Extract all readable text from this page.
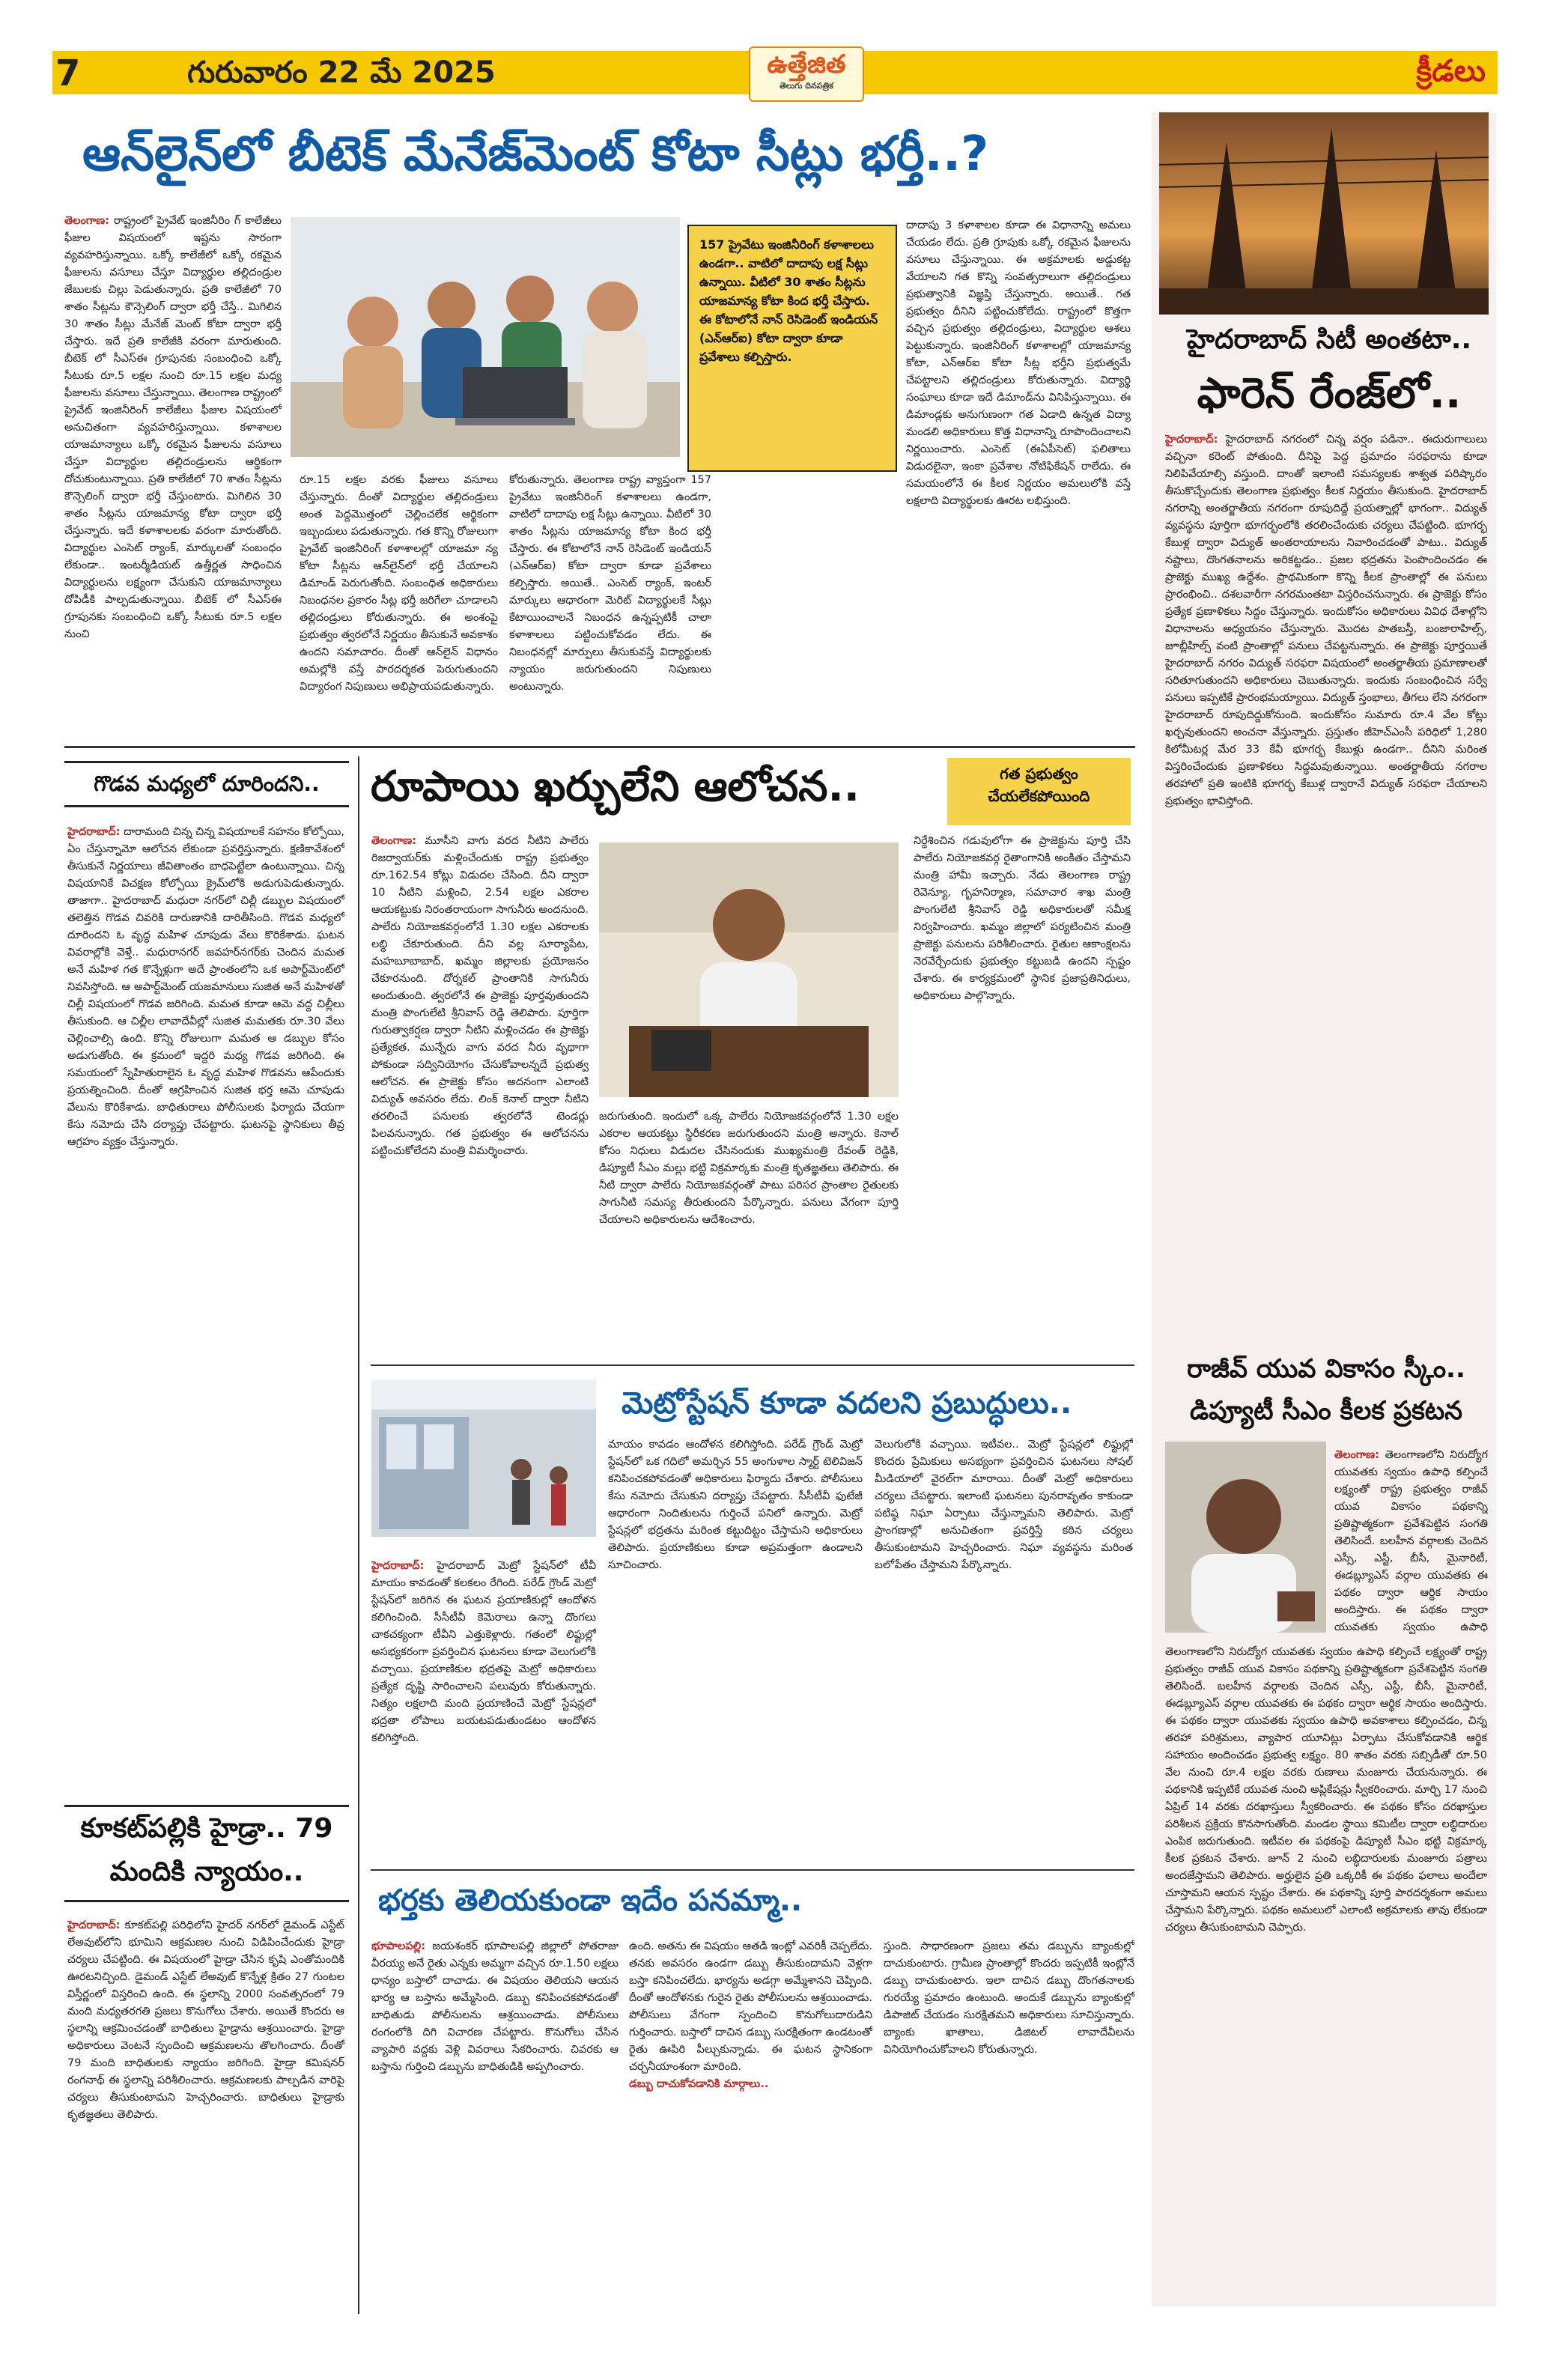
7	గురువారం 22 మే 2025	ఉత్తేజిత
తెలుగు దినపత్రిక	క్రీడలు
ఆన్‌లైన్‌లో బీటెక్ మేనేజ్‌మెంట్ కోటా సీట్లు భర్తీ..?
తెలంగాణ: రాష్ట్రంలో ప్రైవేట్ ఇంజినీరిం గ్ కాలేజీలు ఫీజుల విషయంలో ఇష్టను సారంగా వ్యవహరిస్తున్నాయి. ఒక్కో కాలేజీలో ఒక్కో రకమైన ఫీజులను వసూలు చేస్తూ విద్యార్థుల తల్లిదండ్రుల జేబులకు చిల్లు పెడుతున్నారు. ప్రతి కాలేజీలో 70 శాతం సీట్లను కౌన్సెలింగ్ ద్వారా భర్తీ చేస్తే.. మిగిలిన 30 శాతం సీట్లు మేనేజ్ మెంట్ కోటా ద్వారా భర్తీ చేస్తారు. ఇదే ప్రతి కాలేజీకి వరంగా మారుతుంది. బీటెక్ లో సీఎస్ఈ గ్రూపునకు సంబంధించి ఒక్కో సీటుకు రూ.5 లక్షల నుంచి రూ.15 లక్షల మధ్య ఫీజులను వసూలు చేస్తున్నాయి. తెలంగాణ రాష్ట్రంలో ప్రైవేట్ ఇంజినీరింగ్ కాలేజీలు ఫీజుల విషయంలో అనుచితంగా వ్యవహరిస్తున్నాయి. కళాశాలల యాజమాన్యాలు ఒక్కో రకమైన ఫీజులను వసూలు చేస్తూ విద్యార్థుల తల్లిదండ్రులను ఆర్థికంగా దోచుకుంటున్నాయి. ప్రతి కాలేజీలో 70 శాతం సీట్లను కౌన్సెలింగ్ ద్వారా భర్తీ చేస్తుంటారు. మిగిలిన 30 శాతం సీట్లను యాజమాన్య కోటా ద్వారా భర్తీ చేస్తున్నారు. ఇదే కళాశాలలకు వరంగా మారుతోంది. విద్యార్థుల ఎంసెట్ ర్యాంక్, మార్కులతో సంబంధం లేకుండా.. ఇంటర్మీడియట్ ఉత్తీర్ణత సాధించిన విద్యార్థులను లక్ష్యంగా చేసుకుని యాజమాన్యాలు దోపిడీకి పాల్పడుతున్నాయి. బీటెక్ లో సీఎస్ఈ గ్రూపునకు సంబంధించి ఒక్కో సీటుకు రూ.5 లక్షల నుంచి
157 ప్రైవేటు ఇంజినీరింగ్ కళాశాలలు ఉండగా.. వాటిలో దాదాపు లక్ష సీట్లు ఉన్నాయి. వీటిలో 30 శాతం సీట్లను యాజమాన్య కోటా కింద భర్తీ చేస్తారు. ఈ కోటాలోనే నాన్ రెసిడెంట్ ఇండియన్ (ఎన్ఆర్ఐ) కోటా ద్వారా కూడా ప్రవేశాలు కల్పిస్తారు.
రూ.15 లక్షల వరకు ఫీజులు వసూలు చేస్తున్నారు. దీంతో విద్యార్థుల తల్లిదండ్రులు అంత పెద్దమొత్తంలో చెల్లించలేక ఆర్థికంగా ఇబ్బందులు పడుతున్నారు. గత కొన్ని రోజులుగా ప్రైవేట్ ఇంజినీరింగ్ కళాశాలల్లో యాజమా న్య కోటా సీట్లను ఆన్‌లైన్‌లో భర్తీ చేయాలని డిమాండ్ పెరుగుతోంది. సంబంధిత అధికారులు నిబంధనల ప్రకారం సీట్ల భర్తీ జరిగేలా చూడాలని తల్లిదండ్రులు కోరుతున్నారు. ఈ అంశంపై ప్రభుత్వం త్వరలోనే నిర్ణయం తీసుకునే అవకాశం ఉందని సమాచారం. దీంతో ఆన్‌లైన్ విధానం అమల్లోకి వస్తే పారదర్శకత పెరుగుతుందని విద్యారంగ నిపుణులు అభిప్రాయపడుతున్నారు.
కోరుతున్నారు. తెలంగాణ రాష్ట్ర వ్యాప్తంగా 157 ప్రైవేటు ఇంజినీరింగ్ కళాశాలలు ఉండగా, వాటిలో దాదాపు లక్ష సీట్లు ఉన్నాయి. వీటిలో 30 శాతం సీట్లను యాజమాన్య కోటా కింద భర్తీ చేస్తారు. ఈ కోటాలోనే నాన్ రెసిడెంట్ ఇండియన్ (ఎన్ఆర్ఐ) కోటా ద్వారా కూడా ప్రవేశాలు కల్పిస్తారు. అయితే.. ఎంసెట్ ర్యాంక్, ఇంటర్ మార్కులు ఆధారంగా మెరిట్ విద్యార్థులకే సీట్లు కేటాయించాలనే నిబంధన ఉన్నప్పటికీ చాలా కళాశాలలు పట్టించుకోవడం లేదు. ఈ నిబంధనల్లో మార్పులు తీసుకువస్తే విద్యార్థులకు న్యాయం జరుగుతుందని నిపుణులు అంటున్నారు.
దాదాపు 3 కళాశాలల కూడా ఈ విధానాన్ని అమలు చేయడం లేదు. ప్రతి గ్రూపుకు ఒక్కో రకమైన ఫీజులను వసూలు చేస్తున్నాయి. ఈ అక్రమాలకు అడ్డుకట్ట వేయాలని గత కొన్ని సంవత్సరాలుగా తల్లిదండ్రులు ప్రభుత్వానికి విజ్ఞప్తి చేస్తున్నారు. అయితే.. గత ప్రభుత్వం దీనిని పట్టించుకోలేదు. రాష్ట్రంలో కొత్తగా వచ్చిన ప్రభుత్వం తల్లిదండ్రులు, విద్యార్థుల ఆశలు పెట్టుకున్నారు. ఇంజినీరింగ్ కళాశాలల్లో యాజమాన్య కోటా, ఎన్ఆర్ఐ కోటా సీట్ల భర్తీని ప్రభుత్వమే చేపట్టాలని తల్లిదండ్రులు కోరుతున్నారు. విద్యార్థి సంఘాలు కూడా ఇదే డిమాండ్‌ను వినిపిస్తున్నాయి. ఈ డిమాండ్లకు అనుగుణంగా గత ఏడాది ఉన్నత విద్యా మండలి అధికారులు కొత్త విధానాన్ని రూపొందించాలని నిర్ణయించారు. ఎంసెట్ (ఈఏపీసెట్) ఫలితాలు విడుదలైనా, ఇంకా ప్రవేశాల నోటిఫికేషన్ రాలేదు. ఈ సమయంలోనే ఈ కీలక నిర్ణయం అమలులోకి వస్తే లక్షలాది విద్యార్థులకు ఊరట లభిస్తుంది.
గొడవ మధ్యలో దూరిందని..
హైదరాబాద్: దారామంది చిన్న చిన్న విషయాలకే సహనం కోల్పోయి, ఏం చేస్తున్నామో ఆలోచన లేకుండా ప్రవర్తిస్తున్నారు. క్షణికావేశంలో తీసుకునే నిర్ణయాలు జీవితాంతం బాధపెట్టేలా ఉంటున్నాయి. చిన్న విషయానికే విచక్షణ కోల్పోయి క్రైమ్‌లోకి అడుగుపెడుతున్నారు. తాజాగా.. హైదరాబాద్ మధురా నగర్‌లో చిల్లీ డబ్బుల విషయంలో తలెత్తిన గొడవ చివరికి దారుణానికి దారితీసింది. గొడవ మధ్యలో దూరిందని ఓ వృద్ధ మహిళ చూపుడు వేలు కొరికేశాడు. ఘటన వివరాల్లోకి వెళ్తే.. మధురానగర్ జవహర్‌నగర్‌కు చెందిన మమత అనే మహిళ గత కొన్నేళ్లుగా అదే ప్రాంతంలోని ఒక అపార్ట్‌మెంట్‌లో నివసిస్తోంది. ఆ అపార్ట్‌మెంట్ యజమానులు సుజిత అనే మహిళతో చిల్లీ విషయంలో గొడవ జరిగింది. మమత కూడా ఆమె వద్ద చిల్లీలు తీసుకుంది. ఆ చిల్లీల లావాదేవీల్లో సుజిత మమతకు రూ.30 వేలు చెల్లించాల్సి ఉంది. కొన్ని రోజులుగా మమత ఆ డబ్బుల కోసం అడుగుతోంది. ఈ క్రమంలో ఇద్దరి మధ్య గొడవ జరిగింది. ఈ సమయంలో స్నేహితురాలైన ఓ వృద్ధ మహిళ గొడవను ఆపేందుకు ప్రయత్నించింది. దీంతో ఆగ్రహించిన సుజిత భర్త ఆమె చూపుడు వేలును కొరికేశాడు. బాధితురాలు పోలీసులకు ఫిర్యాదు చేయగా కేసు నమోదు చేసి దర్యాప్తు చేపట్టారు. ఘటనపై స్థానికులు తీవ్ర ఆగ్రహం వ్యక్తం చేస్తున్నారు.
కూకట్‌పల్లికి హైడ్రా.. 79 మందికి న్యాయం..
హైదరాబాద్: కూకట్‌పల్లి పరిధిలోని హైదర్ నగర్‌లో డైమండ్ ఎస్టేట్ లేఅవుట్‌లోని భూమిని ఆక్రమణల నుంచి విడిపించేందుకు హైడ్రా చర్యలు చేపట్టింది. ఈ విషయంలో హైడ్రా చేసిన కృషి ఎంతోమందికి ఊరటనిచ్చింది. డైమండ్ ఎస్టేట్ లేఅవుట్ కొన్నేళ్ల క్రితం 27 గుంటల విస్తీర్ణంలో విస్తరించి ఉంది. ఈ స్థలాన్ని 2000 సంవత్సరంలో 79 మంది మధ్యతరగతి ప్రజలు కొనుగోలు చేశారు. అయితే కొందరు ఆ స్థలాన్ని ఆక్రమించడంతో బాధితులు హైడ్రాను ఆశ్రయించారు. హైడ్రా అధికారులు వెంటనే స్పందించి ఆక్రమణలను తొలగించారు. దీంతో 79 మంది బాధితులకు న్యాయం జరిగింది. హైడ్రా కమిషనర్ రంగనాథ్ ఈ స్థలాన్ని పరిశీలించారు. ఆక్రమణలకు పాల్పడిన వారిపై చర్యలు తీసుకుంటామని హెచ్చరించారు. బాధితులు హైడ్రాకు కృతజ్ఞతలు తెలిపారు.
రూపాయి ఖర్చులేని ఆలోచన..	గత ప్రభుత్వం చేయలేకపోయింది
తెలంగాణ: మూసీని వాగు వరద నీటిని పాలేరు రిజర్వాయర్‌కు మళ్లించేందుకు రాష్ట్ర ప్రభుత్వం రూ.162.54 కోట్లు విడుదల చేసింది. దీని ద్వారా 10 నీటిని మళ్లించి, 2.54 లక్షల ఎకరాల ఆయకట్టుకు నిరంతరాయంగా సాగునీరు అందనుంది. పాలేరు నియోజకవర్గంలోనే 1.30 లక్షల ఎకరాలకు లబ్ధి చేకూరుతుంది. దీని వల్ల సూర్యాపేట, మహబూబాబాద్, ఖమ్మం జిల్లాలకు ప్రయోజనం చేకూరనుంది. దోర్నకల్ ప్రాంతానికి సాగునీరు అందుతుంది. త్వరలోనే ఈ ప్రాజెక్టు పూర్తవుతుందని మంత్రి పొంగులేటి శ్రీనివాస్ రెడ్డి తెలిపారు. పూర్తిగా గురుత్వాకర్షణ ద్వారా నీటిని మళ్లించడం ఈ ప్రాజెక్టు ప్రత్యేకత. మున్నేరు వాగు వరద నీరు వృథాగా పోకుండా సద్వినియోగం చేసుకోవాలన్నదే ప్రభుత్వ ఆలోచన. ఈ ప్రాజెక్టు కోసం అదనంగా ఎలాంటి విద్యుత్ అవసరం లేదు. లింక్ కెనాల్ ద్వారా నీటిని తరలించే పనులకు త్వరలోనే టెండర్లు పిలవనున్నారు. గత ప్రభుత్వం ఈ ఆలోచనను పట్టించుకోలేదని మంత్రి విమర్శించారు.
నిర్దేశించిన గడువులోగా ఈ ప్రాజెక్టును పూర్తి చేసి పాలేరు నియోజకవర్గ రైతాంగానికి అంకితం చేస్తామని మంత్రి హామీ ఇచ్చారు. నేడు తెలంగాణ రాష్ట్ర రెవెన్యూ, గృహనిర్మాణ, సమాచార శాఖ మంత్రి పొంగులేటి శ్రీనివాస్ రెడ్డి అధికారులతో సమీక్ష నిర్వహించారు. ఖమ్మం జిల్లాలో పర్యటించిన మంత్రి ప్రాజెక్టు పనులను పరిశీలించారు. రైతుల ఆకాంక్షలను నెరవేర్చేందుకు ప్రభుత్వం కట్టుబడి ఉందని స్పష్టం చేశారు. ఈ కార్యక్రమంలో స్థానిక ప్రజాప్రతినిధులు, అధికారులు పాల్గొన్నారు.
జరుగుతుంది. ఇందులో ఒక్క పాలేరు నియోజకవర్గంలోనే 1.30 లక్షల ఎకరాల ఆయకట్టు స్థిరీకరణ జరుగుతుందని మంత్రి అన్నారు. కెనాల్ కోసం నిధులు విడుదల చేసినందుకు ముఖ్యమంత్రి రేవంత్ రెడ్డికి, డిప్యూటీ సీఎం మల్లు భట్టి విక్రమార్కకు మంత్రి కృతజ్ఞతలు తెలిపారు. ఈ నీటి ద్వారా పాలేరు నియోజకవర్గంతో పాటు పరిసర ప్రాంతాల రైతులకు సాగునీటి సమస్య తీరుతుందని పేర్కొన్నారు. పనులు వేగంగా పూర్తి చేయాలని అధికారులను ఆదేశించారు.
మెట్రోస్టేషన్ కూడా వదలని ప్రబుద్ధులు..
హైదరాబాద్: హైదరాబాద్ మెట్రో స్టేషన్‌లో టీవీ మాయం కావడంతో కలకలం రేగింది. పరేడ్ గ్రౌండ్ మెట్రో స్టేషన్‌లో జరిగిన ఈ ఘటన ప్రయాణికుల్లో ఆందోళన కలిగించింది. సీసీటీవీ కెమెరాలు ఉన్నా దొంగలు చాకచక్యంగా టీవీని ఎత్తుకెళ్లారు. గతంలో లిఫ్టుల్లో అసభ్యకరంగా ప్రవర్తించిన ఘటనలు కూడా వెలుగులోకి వచ్చాయి. ప్రయాణికుల భద్రతపై మెట్రో అధికారులు ప్రత్యేక దృష్టి సారించాలని పలువురు కోరుతున్నారు. నిత్యం లక్షలాది మంది ప్రయాణించే మెట్రో స్టేషన్లలో భద్రతా లోపాలు బయటపడుతుండటం ఆందోళన కలిగిస్తోంది.
మాయం కావడం ఆందోళన కలిగిస్తోంది. పరేడ్ గ్రౌండ్ మెట్రో స్టేషన్‌లో ఒక గదిలో అమర్చిన 55 అంగుళాల స్మార్ట్ టెలివిజన్ కనిపించకపోవడంతో అధికారులు ఫిర్యాదు చేశారు. పోలీసులు కేసు నమోదు చేసుకుని దర్యాప్తు చేపట్టారు. సీసీటీవీ ఫుటేజీ ఆధారంగా నిందితులను గుర్తించే పనిలో ఉన్నారు. మెట్రో స్టేషన్లలో భద్రతను మరింత కట్టుదిట్టం చేస్తామని అధికారులు తెలిపారు. ప్రయాణికులు కూడా అప్రమత్తంగా ఉండాలని సూచించారు.
వెలుగులోకి వచ్చాయి. ఇటీవల.. మెట్రో స్టేషన్లలో లిఫ్టుల్లో కొందరు ప్రేమికులు అసభ్యంగా ప్రవర్తించిన ఘటనలు సోషల్ మీడియాలో వైరల్‌గా మారాయి. దీంతో మెట్రో అధికారులు చర్యలు చేపట్టారు. ఇలాంటి ఘటనలు పునరావృతం కాకుండా పటిష్ఠ నిఘా ఏర్పాటు చేస్తున్నామని తెలిపారు. మెట్రో ప్రాంగణాల్లో అనుచితంగా ప్రవర్తిస్తే కఠిన చర్యలు తీసుకుంటామని హెచ్చరించారు. నిఘా వ్యవస్థను మరింత బలోపేతం చేస్తామని పేర్కొన్నారు.
భర్తకు తెలియకుండా ఇదేం పనమ్మా..
భూపాలపల్లి: జయశంకర్ భూపాలపల్లి జిల్లాలో పోతరాజు వీరయ్య అనే రైతు ఎన్నకు అమ్మగా వచ్చిన రూ.1.50 లక్షలు ధాన్యం బస్తాలో దాచాడు. ఈ విషయం తెలియని ఆయన భార్య ఆ బస్తాను అమ్మేసింది. డబ్బు కనిపించకపోవడంతో బాధితుడు పోలీసులను ఆశ్రయించాడు. పోలీసులు రంగంలోకి దిగి విచారణ చేపట్టారు. కొనుగోలు చేసిన వ్యాపారి వద్దకు వెళ్లి వివరాలు సేకరించారు. చివరకు ఆ బస్తాను గుర్తించి డబ్బును బాధితుడికి అప్పగించారు.
ఉంది. అతను ఈ విషయం ఆతడి ఇంట్లో ఎవరికీ చెప్పలేదు. తనకు అవసరం ఉండగా డబ్బు తీసుకుందామని వెళ్లగా బస్తా కనిపించలేదు. భార్యను అడగ్గా అమ్మేశానని చెప్పింది. దీంతో ఆందోళనకు గురైన రైతు పోలీసులను ఆశ్రయించాడు. పోలీసులు వేగంగా స్పందించి కొనుగోలుదారుడిని గుర్తించారు. బస్తాలో దాచిన డబ్బు సురక్షితంగా ఉండటంతో రైతు ఊపిరి పీల్చుకున్నాడు. ఈ ఘటన స్థానికంగా చర్చనీయాంశంగా మారింది.
డబ్బు దాచుకోవడానికి మార్గాలు..
స్తుంది. సాధారణంగా ప్రజలు తమ డబ్బును బ్యాంకుల్లో దాచుకుంటారు. గ్రామీణ ప్రాంతాల్లో కొందరు ఇప్పటికీ ఇంట్లోనే డబ్బు దాచుకుంటారు. ఇలా దాచిన డబ్బు దొంగతనాలకు గురయ్యే ప్రమాదం ఉంటుంది. అందుకే డబ్బును బ్యాంకుల్లో డిపాజిట్ చేయడం సురక్షితమని అధికారులు సూచిస్తున్నారు. బ్యాంకు ఖాతాలు, డిజిటల్ లావాదేవీలను వినియోగించుకోవాలని కోరుతున్నారు.
హైదరాబాద్ సిటీ అంతటా..
ఫారెన్ రేంజ్‌లో..
హైదరాబాద్: హైదరాబాద్ నగరంలో చిన్న వర్షం పడినా.. ఈదురుగాలులు వచ్చినా కరెంట్ పోతుంది. దీనిపై పెద్ద ప్రమాదం సరఫరాను కూడా నిలిపివేయాల్సి వస్తుంది. దాంతో ఇలాంటి సమస్యలకు శాశ్వత పరిష్కారం తీసుకొచ్చేందుకు తెలంగాణ ప్రభుత్వం కీలక నిర్ణయం తీసుకుంది. హైదరాబాద్ నగరాన్ని అంతర్జాతీయ నగరంగా రూపుదిద్దే ప్రయత్నాల్లో భాగంగా.. విద్యుత్ వ్యవస్థను పూర్తిగా భూగర్భంలోకి తరలించేందుకు చర్యలు చేపట్టింది. భూగర్భ కేబుళ్ల ద్వారా విద్యుత్ అంతరాయాలను నివారించడంతో పాటు.. విద్యుత్ నష్టాలు, దొంగతనాలను అరికట్టడం.. ప్రజల భద్రతను పెంపొందించడం ఈ ప్రాజెక్టు ముఖ్య ఉద్దేశం. ప్రాథమికంగా కొన్ని కీలక ప్రాంతాల్లో ఈ పనులు ప్రారంభించి.. దశలవారీగా నగరమంతటా విస్తరించనున్నారు. ఈ ప్రాజెక్టు కోసం ప్రత్యేక ప్రణాళికలు సిద్ధం చేస్తున్నారు. ఇందుకోసం అధికారులు వివిధ దేశాల్లోని విధానాలను అధ్యయనం చేస్తున్నారు. మొదట పాతబస్తీ, బంజారాహిల్స్, జూబ్లీహిల్స్ వంటి ప్రాంతాల్లో పనులు చేపట్టనున్నారు. ఈ ప్రాజెక్టు పూర్తయితే హైదరాబాద్ నగరం విద్యుత్ సరఫరా విషయంలో అంతర్జాతీయ ప్రమాణాలతో సరితూగుతుందని అధికారులు చెబుతున్నారు. ఇందుకు సంబంధించిన సర్వే పనులు ఇప్పటికే ప్రారంభమయ్యాయి. విద్యుత్ స్తంభాలు, తీగలు లేని నగరంగా హైదరాబాద్ రూపుదిద్దుకోనుంది. ఇందుకోసం సుమారు రూ.4 వేల కోట్లు ఖర్చవుతుందని అంచనా వేస్తున్నారు. ప్రస్తుతం జీహెచ్ఎంసీ పరిధిలో 1,280 కిలోమీటర్ల మేర 33 కేవీ భూగర్భ కేబుళ్లు ఉండగా.. దీనిని మరింత విస్తరించేందుకు ప్రణాళికలు సిద్ధమవుతున్నాయి. అంతర్జాతీయ నగరాల తరహాలో ప్రతి ఇంటికి భూగర్భ కేబుళ్ల ద్వారానే విద్యుత్ సరఫరా చేయాలని ప్రభుత్వం భావిస్తోంది.
రాజీవ్ యువ వికాసం స్కీం.. డిప్యూటీ సీఎం కీలక ప్రకటన
తెలంగాణ: తెలంగాణలోని నిరుద్యోగ యువతకు స్వయం ఉపాధి కల్పించే లక్ష్యంతో రాష్ట్ర ప్రభుత్వం రాజీవ్ యువ వికాసం పథకాన్ని ప్రతిష్టాత్మకంగా ప్రవేశపెట్టిన సంగతి తెలిసిందే. బలహీన వర్గాలకు చెందిన ఎస్సీ, ఎస్టీ, బీసీ, మైనారిటీ, ఈడబ్ల్యూఎస్ వర్గాల యువతకు ఈ పథకం ద్వారా ఆర్థిక సాయం అందిస్తారు. ఈ పథకం ద్వారా యువతకు స్వయం ఉపాధి
తెలంగాణలోని నిరుద్యోగ యువతకు స్వయం ఉపాధి కల్పించే లక్ష్యంతో రాష్ట్ర ప్రభుత్వం రాజీవ్ యువ వికాసం పథకాన్ని ప్రతిష్టాత్మకంగా ప్రవేశపెట్టిన సంగతి తెలిసిందే. బలహీన వర్గాలకు చెందిన ఎస్సీ, ఎస్టీ, బీసీ, మైనారిటీ, ఈడబ్ల్యూఎస్ వర్గాల యువతకు ఈ పథకం ద్వారా ఆర్థిక సాయం అందిస్తారు. ఈ పథకం ద్వారా యువతకు స్వయం ఉపాధి అవకాశాలు కల్పించడం, చిన్న తరహా పరిశ్రమలు, వ్యాపార యూనిట్లు ఏర్పాటు చేసుకోవడానికి ఆర్థిక సహాయం అందించడం ప్రభుత్వ లక్ష్యం. 80 శాతం వరకు సబ్సిడీతో రూ.50 వేల నుంచి రూ.4 లక్షల వరకు రుణాలు మంజూరు చేయనున్నారు. ఈ పథకానికి ఇప్పటికే యువత నుంచి అప్లికేషన్లు స్వీకరించారు. మార్చి 17 నుంచి ఏప్రిల్ 14 వరకు దరఖాస్తులు స్వీకరించారు. ఈ పథకం కోసం దరఖాస్తుల పరిశీలన ప్రక్రియ కొనసాగుతోంది. మండల స్థాయి కమిటీల ద్వారా లబ్ధిదారుల ఎంపిక జరుగుతుంది. ఇటీవల ఈ పథకంపై డిప్యూటీ సీఎం భట్టి విక్రమార్క కీలక ప్రకటన చేశారు. జూన్ 2 నుంచి లబ్ధిదారులకు మంజూరు పత్రాలు అందజేస్తామని తెలిపారు. అర్హులైన ప్రతి ఒక్కరికీ ఈ పథకం ఫలాలు అందేలా చూస్తామని ఆయన స్పష్టం చేశారు. ఈ పథకాన్ని పూర్తి పారదర్శకంగా అమలు చేస్తామని పేర్కొన్నారు. పథకం అమలులో ఎలాంటి అక్రమాలకు తావు లేకుండా చర్యలు తీసుకుంటామని చెప్పారు.
